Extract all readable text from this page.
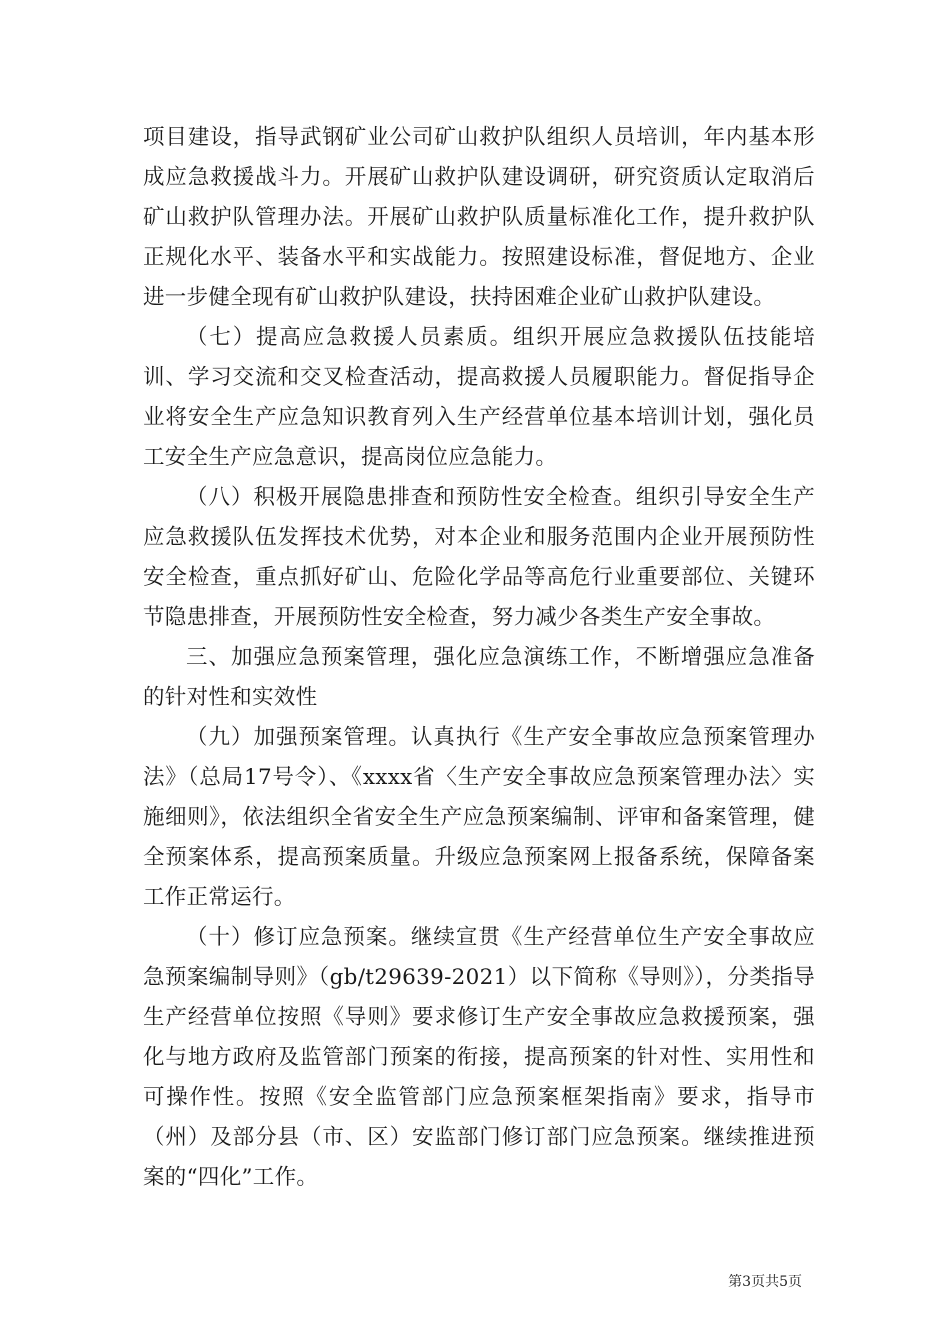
项目建设，指导武钢矿业公司矿山救护队组织人员培训，年内基本形成应急救援战斗力。开展矿山救护队建设调研，研究资质认定取消后矿山救护队管理办法。开展矿山救护队质量标准化工作，提升救护队正规化水平、装备水平和实战能力。按照建设标准，督促地方、企业进一步健全现有矿山救护队建设，扶持困难企业矿山救护队建设。

（七）提高应急救援人员素质。组织开展应急救援队伍技能培训、学习交流和交叉检查活动，提高救援人员履职能力。督促指导企业将安全生产应急知识教育列入生产经营单位基本培训计划，强化员工安全生产应急意识，提高岗位应急能力。

（八）积极开展隐患排查和预防性安全检查。组织引导安全生产应急救援队伍发挥技术优势，对本企业和服务范围内企业开展预防性安全检查，重点抓好矿山、危险化学品等高危行业重要部位、关键环节隐患排查，开展预防性安全检查，努力减少各类生产安全事故。

三、加强应急预案管理，强化应急演练工作，不断增强应急准备的针对性和实效性

（九）加强预案管理。认真执行《生产安全事故应急预案管理办法》（总局17号令）、《xxxx省〈生产安全事故应急预案管理办法〉实施细则》，依法组织全省安全生产应急预案编制、评审和备案管理，健全预案体系，提高预案质量。升级应急预案网上报备系统，保障备案工作正常运行。

（十）修订应急预案。继续宣贯《生产经营单位生产安全事故应急预案编制导则》（gb/t29639-2021）以下简称《导则》），分类指导生产经营单位按照《导则》要求修订生产安全事故应急救援预案，强化与地方政府及监管部门预案的衔接，提高预案的针对性、实用性和可操作性。按照《安全监管部门应急预案框架指南》要求，指导市（州）及部分县（市、区）安监部门修订部门应急预案。继续推进预案的“四化”工作。

第3页共5页
